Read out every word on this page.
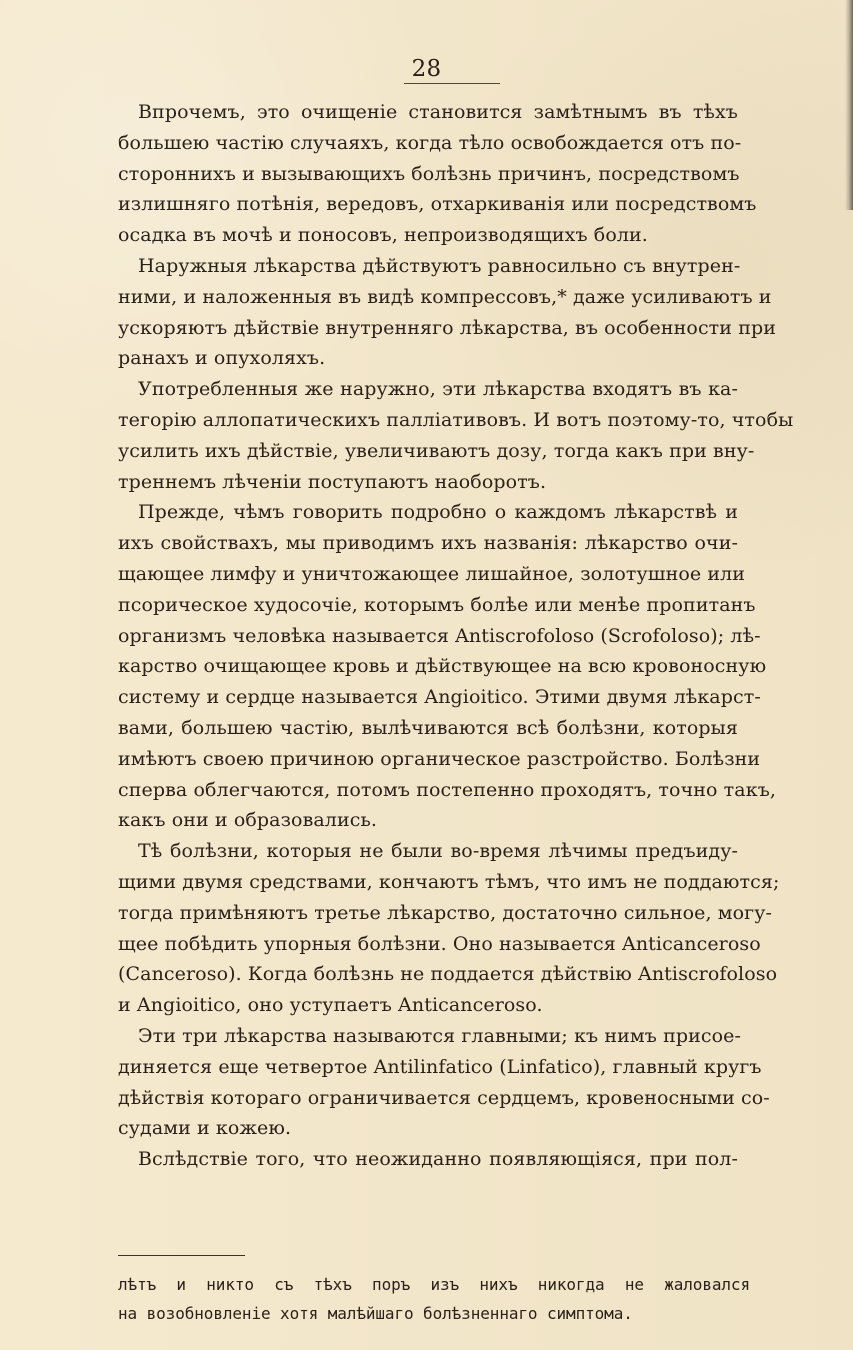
28
Впрочемъ, это очищеніе становится замѣтнымъ въ тѣхъ
большею частію случаяхъ, когда тѣло освобождается отъ по-
стороннихъ и вызывающихъ болѣзнь причинъ, посредствомъ
излишняго потѣнія, вередовъ, отхаркиванія или посредствомъ
осадка въ мочѣ и поносовъ, непроизводящихъ боли.
Наружныя лѣкарства дѣйствуютъ равносильно съ внутрен-
ними, и наложенныя въ видѣ компрессовъ,* даже усиливаютъ и
ускоряютъ дѣйствіе внутренняго лѣкарства, въ особенности при
ранахъ и опухоляхъ.
Употребленныя же наружно, эти лѣкарства входятъ въ ка-
тегорію аллопатическихъ палліативовъ. И вотъ поэтому-то, чтобы
усилить ихъ дѣйствіе, увеличиваютъ дозу, тогда какъ при вну-
треннемъ лѣченіи поступаютъ наоборотъ.
Прежде, чѣмъ говорить подробно о каждомъ лѣкарствѣ и
ихъ свойствахъ, мы приводимъ ихъ названія: лѣкарство очи-
щающее лимфу и уничтожающее лишайное, золотушное или
псорическое худосочіе, которымъ болѣе или менѣе пропитанъ
организмъ человѣка называется Antiscrofoloso (Scrofoloso); лѣ-
карство очищающее кровь и дѣйствующее на всю кровоносную
систему и сердце называется Angioitico. Этими двумя лѣкарст-
вами, большею частію, вылѣчиваются всѣ болѣзни, которыя
имѣютъ своею причиною органическое разстройство. Болѣзни
сперва облегчаются, потомъ постепенно проходятъ, точно такъ,
какъ они и образовались.
Тѣ болѣзни, которыя не были во-время лѣчимы предъиду-
щими двумя средствами, кончаютъ тѣмъ, что имъ не поддаются;
тогда примѣняютъ третье лѣкарство, достаточно сильное, могу-
щее побѣдить упорныя болѣзни. Оно называется Anticanceroso
(Canceroso). Когда болѣзнь не поддается дѣйствію Antiscrofoloso
и Angioitico, оно уступаетъ Anticanceroso.
Эти три лѣкарства называются главными; къ нимъ присое-
диняется еще четвертое Antilinfatico (Linfatico), главный кругъ
дѣйствія котораго ограничивается сердцемъ, кровеносными со-
судами и кожею.
Вслѣдствіе того, что неожиданно появляющіяся, при пол-
лѣтъ и никто съ тѣхъ поръ изъ нихъ никогда не жаловался
на возобновленіе хотя малѣйшаго болѣзненнаго симптома.
